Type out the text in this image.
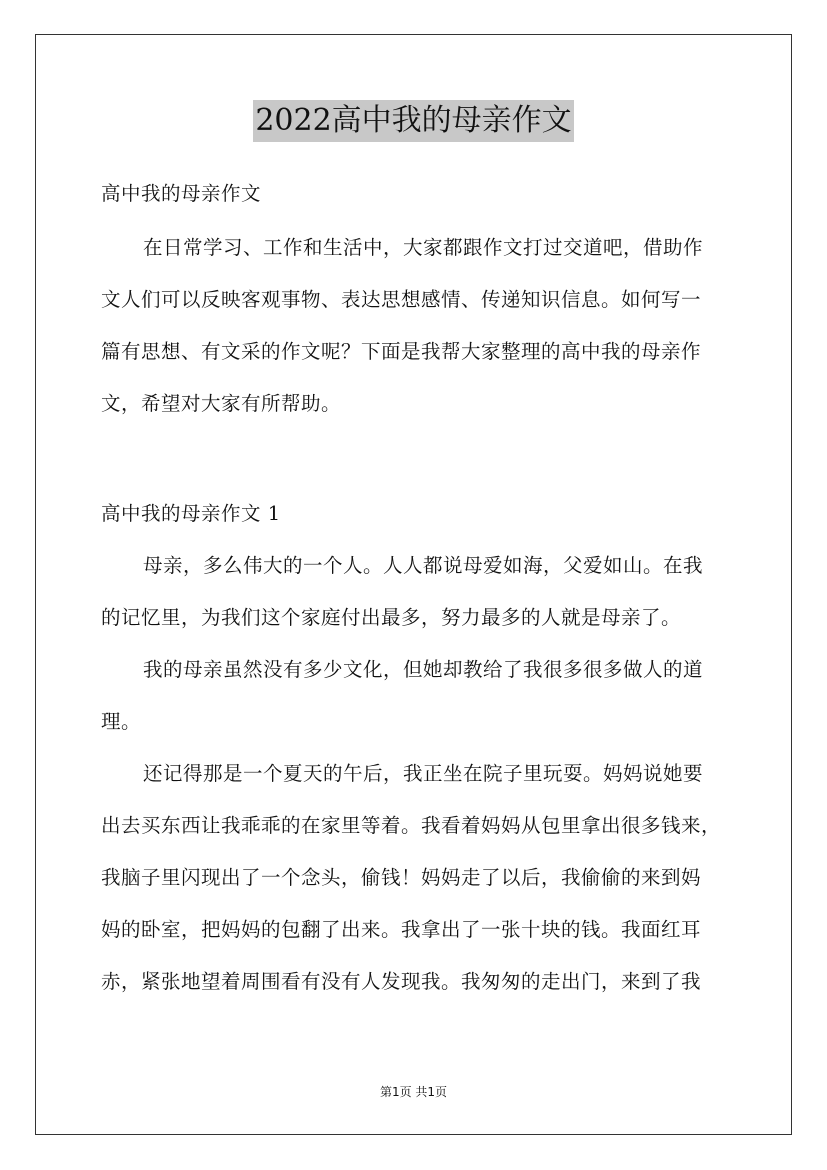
2022高中我的母亲作文

高中我的母亲作文

在日常学习、工作和生活中，大家都跟作文打过交道吧，借助作

文人们可以反映客观事物、表达思想感情、传递知识信息。如何写一

篇有思想、有文采的作文呢？下面是我帮大家整理的高中我的母亲作

文，希望对大家有所帮助。

高中我的母亲作文 1

母亲，多么伟大的一个人。人人都说母爱如海，父爱如山。在我

的记忆里，为我们这个家庭付出最多，努力最多的人就是母亲了。

我的母亲虽然没有多少文化，但她却教给了我很多很多做人的道

理。

还记得那是一个夏天的午后，我正坐在院子里玩耍。妈妈说她要

出去买东西让我乖乖的在家里等着。我看着妈妈从包里拿出很多钱来，

我脑子里闪现出了一个念头，偷钱！妈妈走了以后，我偷偷的来到妈

妈的卧室，把妈妈的包翻了出来。我拿出了一张十块的钱。我面红耳

赤，紧张地望着周围看有没有人发现我。我匆匆的走出门，来到了我

第1页 共1页
